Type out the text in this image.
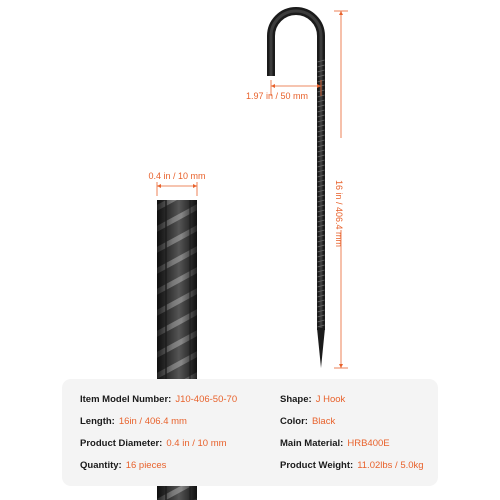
0.4 in / 10 mm
1.97 in / 50 mm
16 in / 406.4 mm
Item Model Number: J10-406-50-70
Length: 16in / 406.4 mm
Product Diameter: 0.4 in / 10 mm
Quantity: 16 pieces
Shape: J Hook
Color: Black
Main Material: HRB400E
Product Weight: 11.02lbs / 5.0kg
